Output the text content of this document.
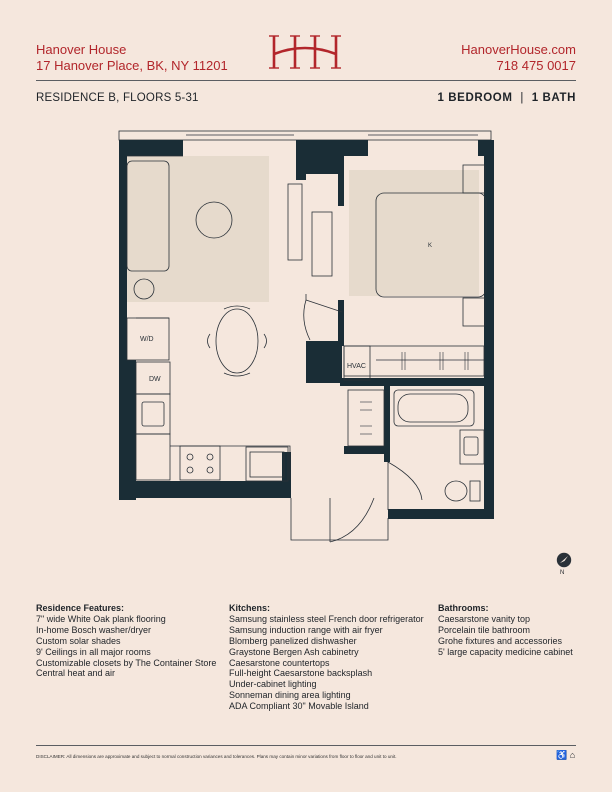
Hanover House
17 Hanover Place, BK, NY 11201
HanoverHouse.com
718 475 0017
RESIDENCE B, FLOORS 5-31	1 BEDROOM | 1 BATH
W/D
DW
HVAC
K
N
Residence Features:
7" wide White Oak plank flooring
In-home Bosch washer/dryer
Custom solar shades
9' Ceilings in all major rooms
Customizable closets by The Container Store
Central heat and air
Kitchens:
Samsung stainless steel French door refrigerator
Samsung induction range with air fryer
Blomberg panelized dishwasher
Graystone Bergen Ash cabinetry
Caesarstone countertops
Full-height Caesarstone backsplash
Under-cabinet lighting
Sonneman dining area lighting
ADA Compliant 30" Movable Island
Bathrooms:
Caesarstone vanity top
Porcelain tile bathroom
Grohe fixtures and accessories
5' large capacity medicine cabinet
DISCLAIMER: All dimensions are approximate and subject to normal construction variances and tolerances. Plans may contain minor variations from floor to floor and unit to unit.	♿ ⌂
